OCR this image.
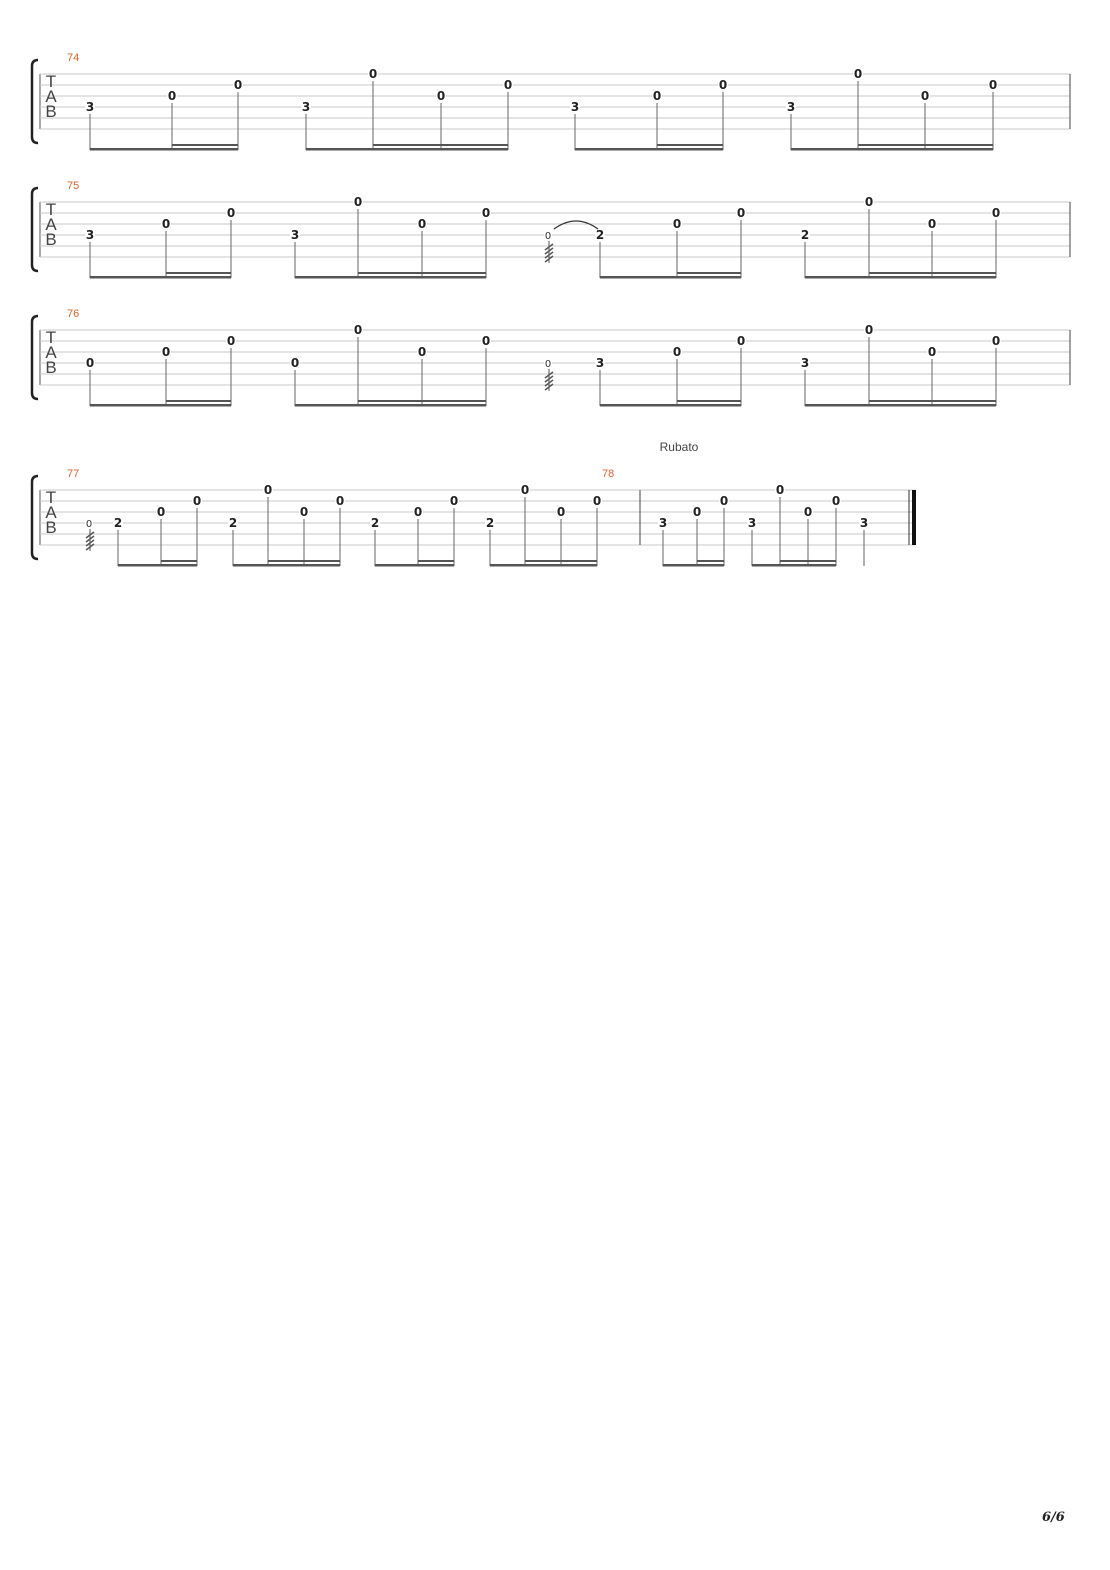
T
A
B
74
3
0
0
3
0
0
0
3
0
0
3
0
0
0
T
A
B
75
3
0
0
3
0
0
0
2
0
0
2
0
0
0
0
T
A
B
76
0
0
0
0
0
0
0
3
0
0
3
0
0
0
0
T
A
B
77	78
Rubato
2
0
0
2
0
0
0
2
0
0
2
0
0
0
3
0
0
3
0
0
0
3
0
6/6
